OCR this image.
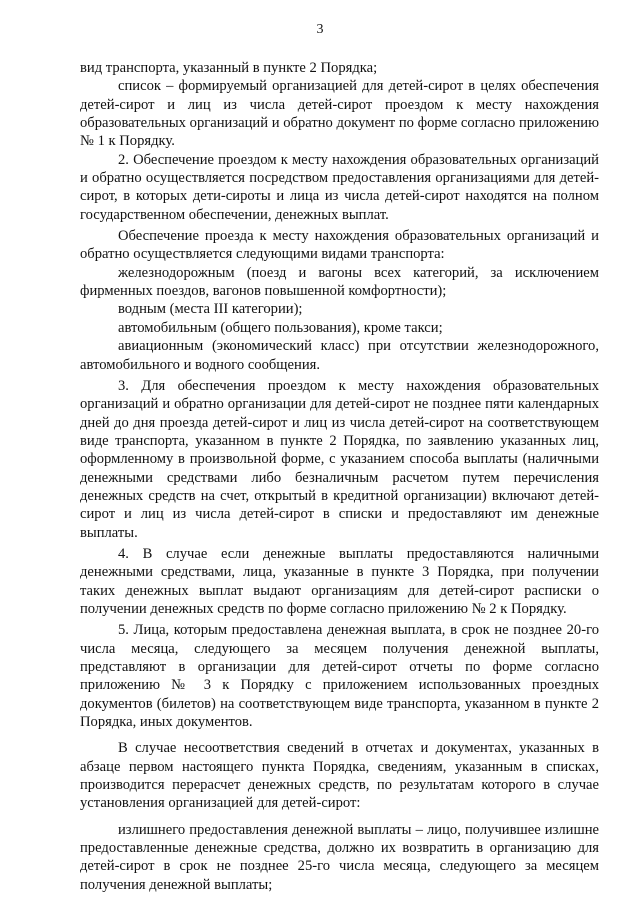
3

вид транспорта, указанный в пункте 2 Порядка;

список – формируемый организацией для детей-сирот в целях обеспечения детей-сирот и лиц из числа детей-сирот проездом к месту нахождения образовательных организаций и обратно документ по форме согласно приложению № 1 к Порядку.

2. Обеспечение проездом к месту нахождения образовательных организаций и обратно осуществляется посредством предоставления организациями для детей-сирот, в которых дети-сироты и лица из числа детей-сирот находятся на полном государственном обеспечении, денежных выплат.

Обеспечение проезда к месту нахождения образовательных организаций и обратно осуществляется следующими видами транспорта:

железнодорожным (поезд и вагоны всех категорий, за исключением фирменных поездов, вагонов повышенной комфортности);

водным (места III категории);

автомобильным (общего пользования), кроме такси;

авиационным (экономический класс) при отсутствии железнодорожного, автомобильного и водного сообщения.

3. Для обеспечения проездом к месту нахождения образовательных организаций и обратно организации для детей-сирот не позднее пяти календарных дней до дня проезда детей-сирот и лиц из числа детей-сирот на соответствующем виде транспорта, указанном в пункте 2 Порядка, по заявлению указанных лиц, оформленному в произвольной форме, с указанием способа выплаты (наличными денежными средствами либо безналичным расчетом путем перечисления денежных средств на счет, открытый в кредитной организации) включают детей-сирот и лиц из числа детей-сирот в списки и предоставляют им денежные выплаты.

4. В случае если денежные выплаты предоставляются наличными денежными средствами, лица, указанные в пункте 3 Порядка, при получении таких денежных выплат выдают организациям для детей-сирот расписки о получении денежных средств по форме согласно приложению № 2 к Порядку.

5. Лица, которым предоставлена денежная выплата, в срок не позднее 20-го числа месяца, следующего за месяцем получения денежной выплаты, представляют в организации для детей-сирот отчеты по форме согласно приложению № 3 к Порядку с приложением использованных проездных документов (билетов) на соответствующем виде транспорта, указанном в пункте 2 Порядка, иных документов.

В случае несоответствия сведений в отчетах и документах, указанных в абзаце первом настоящего пункта Порядка, сведениям, указанным в списках, производится перерасчет денежных средств, по результатам которого в случае установления организацией для детей-сирот:

излишнего предоставления денежной выплаты – лицо, получившее излишне предоставленные денежные средства, должно их возвратить в организацию для детей-сирот в срок не позднее 25-го числа месяца, следующего за месяцем получения денежной выплаты;
